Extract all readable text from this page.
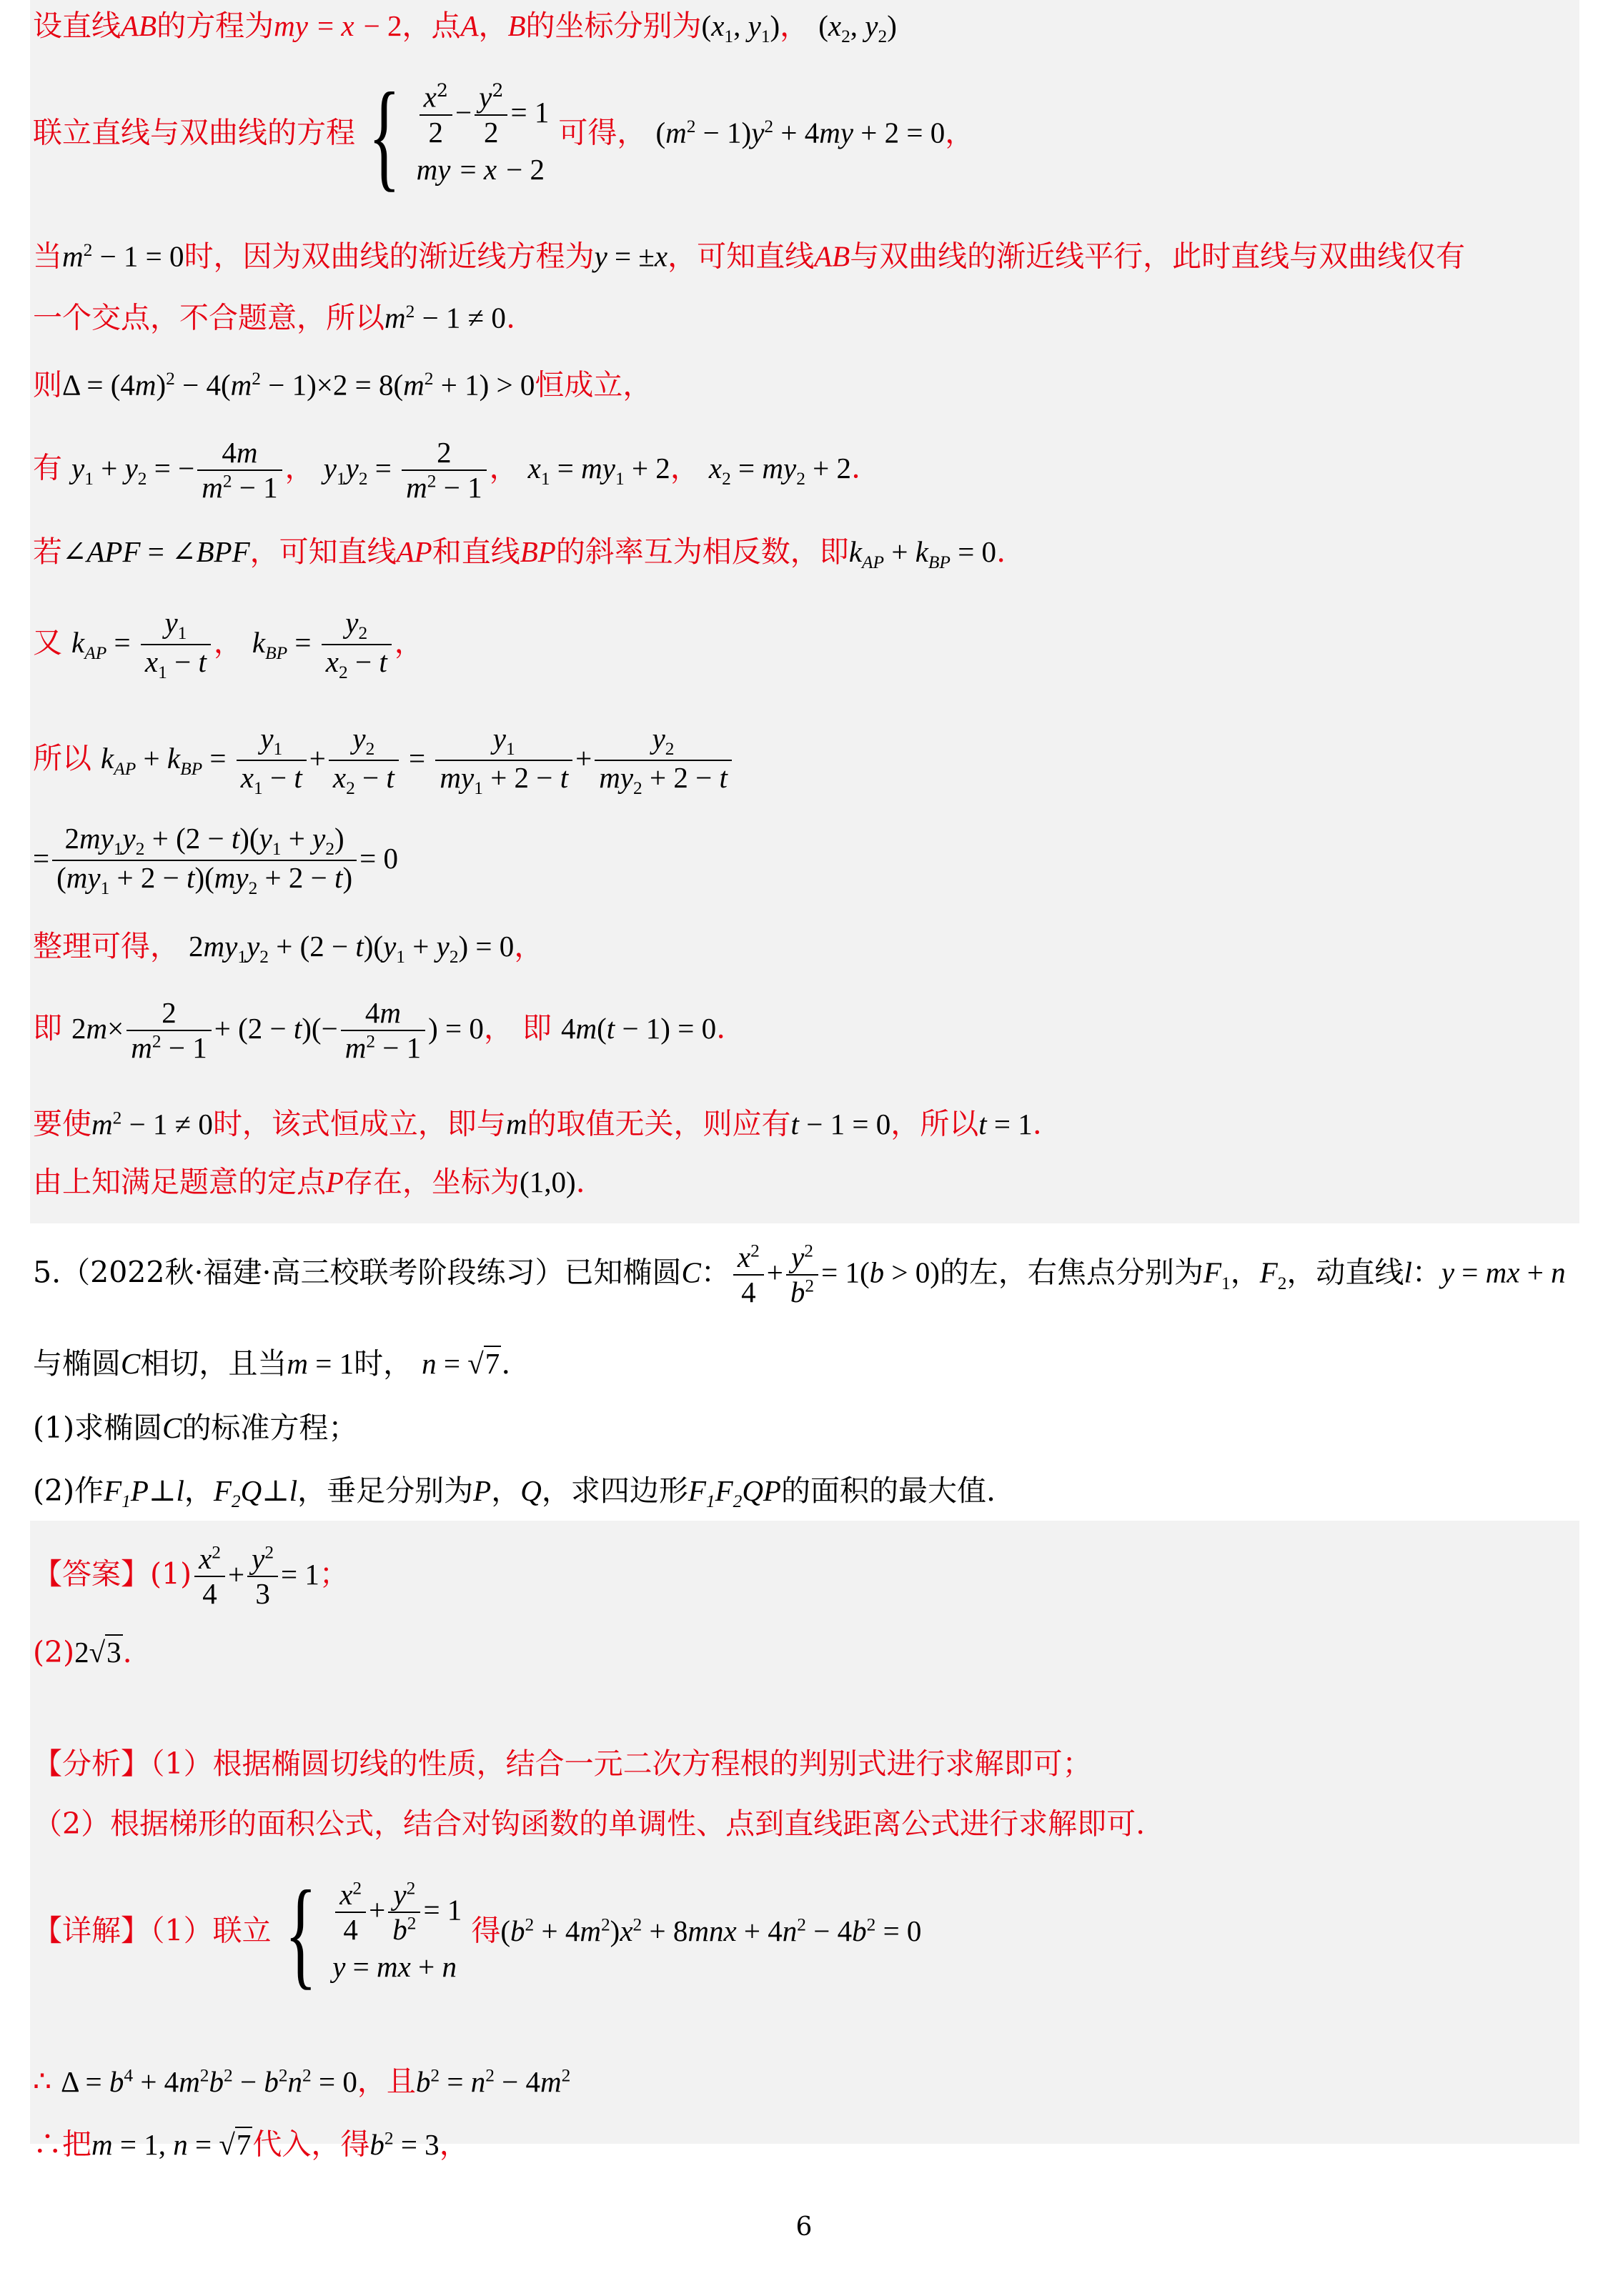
设直线AB的方程为my = x − 2，点A，B的坐标分别为($x_1$, $y_1$)， ($x_2$, $y_2$)
联立直线与双曲线的方程 { $\frac{x^2}{2} - \frac{y^2}{2} = 1$
my = x − 2
可得， $(m^2 - 1)y^2 + 4my + 2 = 0$，
当$m^2 - 1 = 0$时，因为双曲线的渐近线方程为y = ±x，可知直线AB与双曲线的渐近线平行，此时直线与双曲线仅有
一个交点，不合题意，所以$m^2 - 1 \ne 0$.
则$\Delta = (4m)^2 - 4(m^2 - 1)\times 2 = 8(m^2 + 1) > 0$恒成立，
有 $y_1 + y_2$ = − $\frac{4m}{m^2 - 1}$ ， $y_1y_2 = \frac{2}{m^2 - 1}$ ， $x_1 = my_1 + 2$， $x_2 = my_2 + 2$.
若∠APF = ∠BPF，可知直线AP和直线BP的斜率互为相反数，即$k_{AP} + k_{BP} = 0$.
又 $k_{AP} = \frac{y_1}{x_1 - t}$ ， $k_{BP} = \frac{y_2}{x_2 - t}$ ，
所以 $k_{AP} + k_{BP} = \frac{y_1}{x_1 - t} + \frac{y_2}{x_2 - t} = \frac{y_1}{my_1 + 2 - t} + \frac{y_2}{my_2 + 2 - t}$
= $\frac{2my_1y_2 + (2 - t)(y_1 + y_2)}{(my_1 + 2 - t)(my_2 + 2 - t)} = 0$
整理可得， $2my_1y_2 + (2 - t)(y_1 + y_2) = 0$，
即 $2m\times \frac{2}{m^2 - 1} + (2 - t)(- \frac{4m}{m^2 - 1}$ ) = 0， 即 4m(t − 1) = 0.
要使$m^2 - 1 \ne 0$时，该式恒成立，即与m的取值无关，则应有t − 1 = 0，所以t = 1.
由上知满足题意的定点P存在，坐标为(1,0).
5.（2022秋·福建·高三校联考阶段练习）已知椭圆C： $\frac{x^2}{4} + \frac{y^2}{b^2} = 1(b > 0)$的左，右焦点分别为$F_1$，$F_2$，动直线l：y = mx + n
与椭圆C相切，且当m = 1时， n = √7.
(1)求椭圆C的标准方程；
(2)作$F_1P\perp l$，$F_2Q\perp l$，垂足分别为P，Q，求四边形$F_1F_2QP$的面积的最大值.
【答案】$(1) \frac{x^2}{4} + \frac{y^2}{3} = 1$；
(2)2√3.
【分析】（1）根据椭圆切线的性质，结合一元二次方程根的判别式进行求解即可；
（2）根据梯形的面积公式，结合对钩函数的单调性、点到直线距离公式进行求解即可.
【详解】（1）联立 { $\frac{x^2}{4} + \frac{y^2}{b^2} = 1$
y = mx + n
得$(b^2 + 4m^2)x^2 + 8mnx + 4n^2 - 4b^2 = 0$
∴ $\Delta = b^4 + 4m^2b^2 - b^2n^2 = 0$，且$b^2 = n^2 - 4m^2$
∴把m = 1, n = √7代入，得$b^2 = 3$，
6
